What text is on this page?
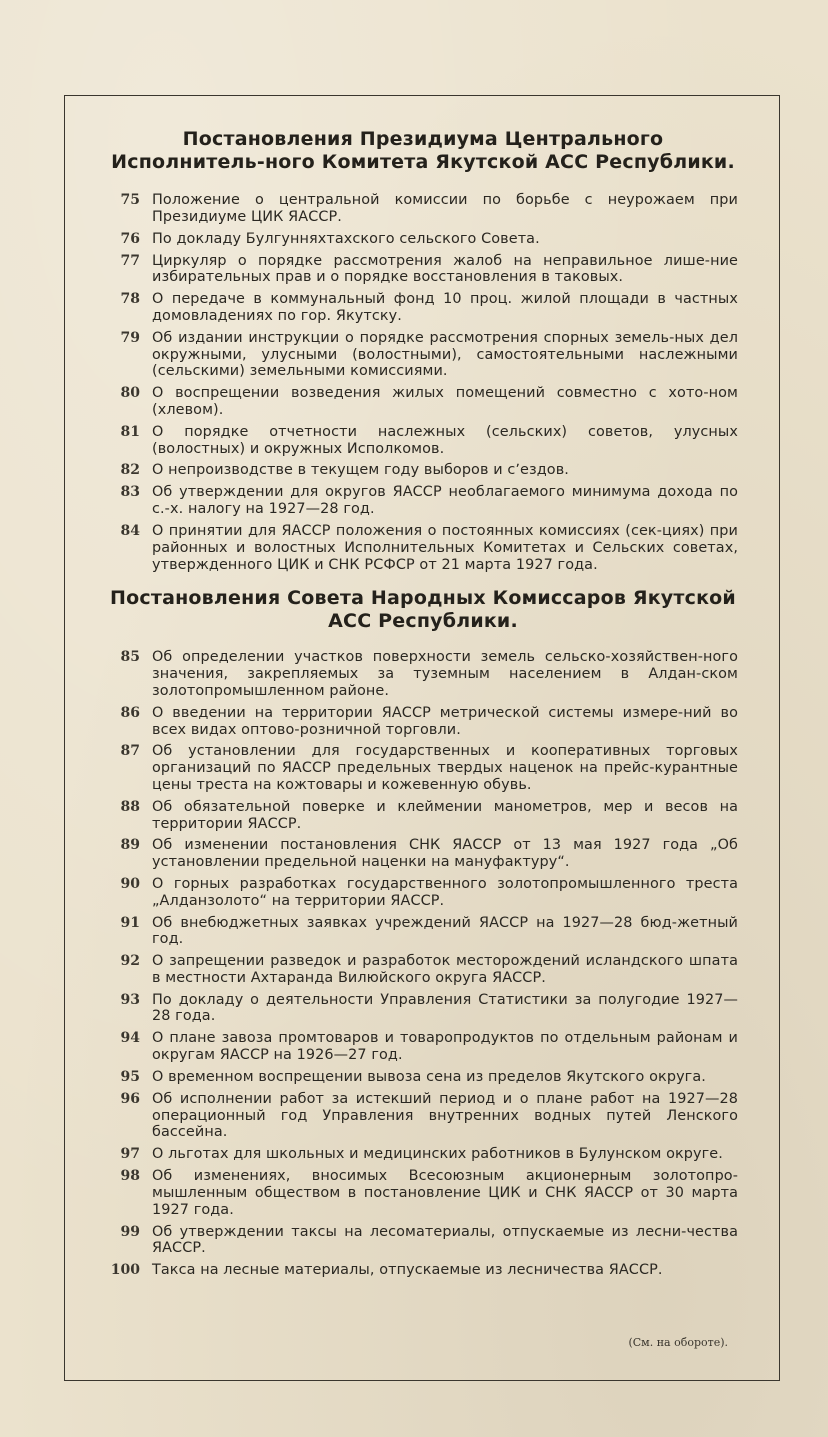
Постановления Президиума Центрального Исполнитель-ного Комитета Якутской АСС Республики.
75 Положение о центральной комиссии по борьбе с неурожаем при Президиуме ЦИК ЯАССР.
76 По докладу Булгунняхтахского сельского Совета.
77 Циркуляр о порядке рассмотрения жалоб на неправильное лише-ние избирательных прав и о порядке восстановления в таковых.
78 О передаче в коммунальный фонд 10 проц. жилой площади в частных домовладениях по гор. Якутску.
79 Об издании инструкции о порядке рассмотрения спорных земель-ных дел окружными, улусными (волостными), самостоятельными наслежными (сельскими) земельными комиссиями.
80 О воспрещении возведения жилых помещений совместно с хото-ном (хлевом).
81 О порядке отчетности наслежных (сельских) советов, улусных (волостных) и окружных Исполкомов.
82 О непроизводстве в текущем году выборов и сʼездов.
83 Об утверждении для округов ЯАССР необлагаемого минимума дохода по с.-х. налогу на 1927—28 год.
84 О принятии для ЯАССР положения о постоянных комиссиях (сек-циях) при районных и волостных Исполнительных Комитетах и Сельских советах, утвержденного ЦИК и СНК РСФСР от 21 марта 1927 года.
Постановления Совета Народных Комиссаров Якутской АСС Республики.
85 Об определении участков поверхности земель сельско-хозяйствен-ного значения, закрепляемых за туземным населением в Алдан-ском золотопромышленном районе.
86 О введении на территории ЯАССР метрической системы измере-ний во всех видах оптово-розничной торговли.
87 Об установлении для государственных и кооперативных торговых организаций по ЯАССР предельных твердых наценок на прейс-курантные цены треста на кожтовары и кожевенную обувь.
88 Об обязательной поверке и клеймении манометров, мер и весов на территории ЯАССР.
89 Об изменении постановления СНК ЯАССР от 13 мая 1927 года „Об установлении предельной наценки на мануфактуру“.
90 О горных разработках государственного золотопромышленного треста „Алданзолото“ на территории ЯАССР.
91 Об внебюджетных заявках учреждений ЯАССР на 1927—28 бюд-жетный год.
92 О запрещении разведок и разработок месторождений исландского шпата в местности Ахтаранда Вилюйского округа ЯАССР.
93 По докладу о деятельности Управления Статистики за полугодие 1927—28 года.
94 О плане завоза промтоваров и товаропродуктов по отдельным районам и округам ЯАССР на 1926—27 год.
95 О временном воспрещении вывоза сена из пределов Якутского округа.
96 Об исполнении работ за истекший период и о плане работ на 1927—28 операционный год Управления внутренних водных путей Ленского бассейна.
97 О льготах для школьных и медицинских работников в Булунском округе.
98 Об изменениях, вносимых Всесоюзным акционерным золотопро-мышленным обществом в постановление ЦИК и СНК ЯАССР от 30 марта 1927 года.
99 Об утверждении таксы на лесоматериалы, отпускаемые из лесни-чества ЯАССР.
100 Такса на лесные материалы, отпускаемые из лесничества ЯАССР.
(См. на обороте).
